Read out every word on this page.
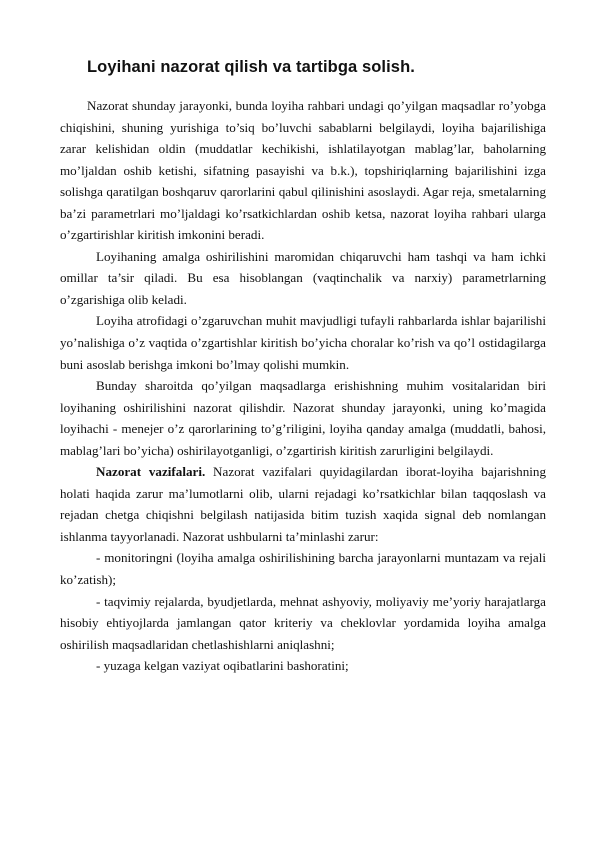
Loyihani nazorat qilish va tartibga solish.

Nazorat shunday jarayonki, bunda loyiha rahbari undagi qo’yilgan maqsadlar ro’yobga chiqishini, shuning yurishiga to’siq bo’luvchi sabablarni belgilaydi, loyiha bajarilishiga zarar kelishidan oldin (muddatlar kechikishi, ishlatilayotgan mablag’lar, baholarning mo’ljaldan oshib ketishi, sifatning pasayishi va b.k.), topshiriqlarning bajarilishini izga solishga qaratilgan boshqaruv qarorlarini qabul qilinishini asoslaydi. Agar reja, smetalarning ba’zi parametrlari mo’ljaldagi ko’rsatkichlardan oshib ketsa, nazorat loyiha rahbari ularga o’zgartirishlar kiritish imkonini beradi.

Loyihaning amalga oshirilishini maromidan chiqaruvchi ham tashqi va ham ichki omillar ta’sir qiladi. Bu esa hisoblangan (vaqtinchalik va narxiy) parametrlarning o’zgarishiga olib keladi.

Loyiha atrofidagi o’zgaruvchan muhit mavjudligi tufayli rahbarlarda ishlar bajarilishi yo’nalishiga o’z vaqtida o’zgartishlar kiritish bo’yicha choralar ko’rish va qo’l ostidagilarga buni asoslab berishga imkoni bo’lmay qolishi mumkin.

Bunday sharoitda qo’yilgan maqsadlarga erishishning muhim vositalaridan biri loyihaning oshirilishini nazorat qilishdir. Nazorat shunday jarayonki, uning ko’magida loyihachi - menejer o’z qarorlarining to’g’riligini, loyiha qanday amalga (muddatli, bahosi, mablag’lari bo’yicha) oshirilayotganligi, o’zgartirish kiritish zarurligini belgilaydi.

Nazorat vazifalari. Nazorat vazifalari quyidagilardan iborat-loyiha bajarishning holati haqida zarur ma’lumotlarni olib, ularni rejadagi ko’rsatkichlar bilan taqqoslash va rejadan chetga chiqishni belgilash natijasida bitim tuzish xaqida signal deb nomlangan ishlanma tayyorlanadi. Nazorat ushbularni ta’minlashi zarur:

- monitoringni (loyiha amalga oshirilishining barcha jarayonlarni muntazam va rejali ko’zatish);

- taqvimiy rejalarda, byudjetlarda, mehnat ashyoviy, moliyaviy me’yoriy harajatlarga hisobiy ehtiyojlarda jamlangan qator kriteriy va cheklovlar yordamida loyiha amalga oshirilish maqsadlaridan chetlashishlarni aniqlashni;

- yuzaga kelgan vaziyat oqibatlarini bashoratini;
